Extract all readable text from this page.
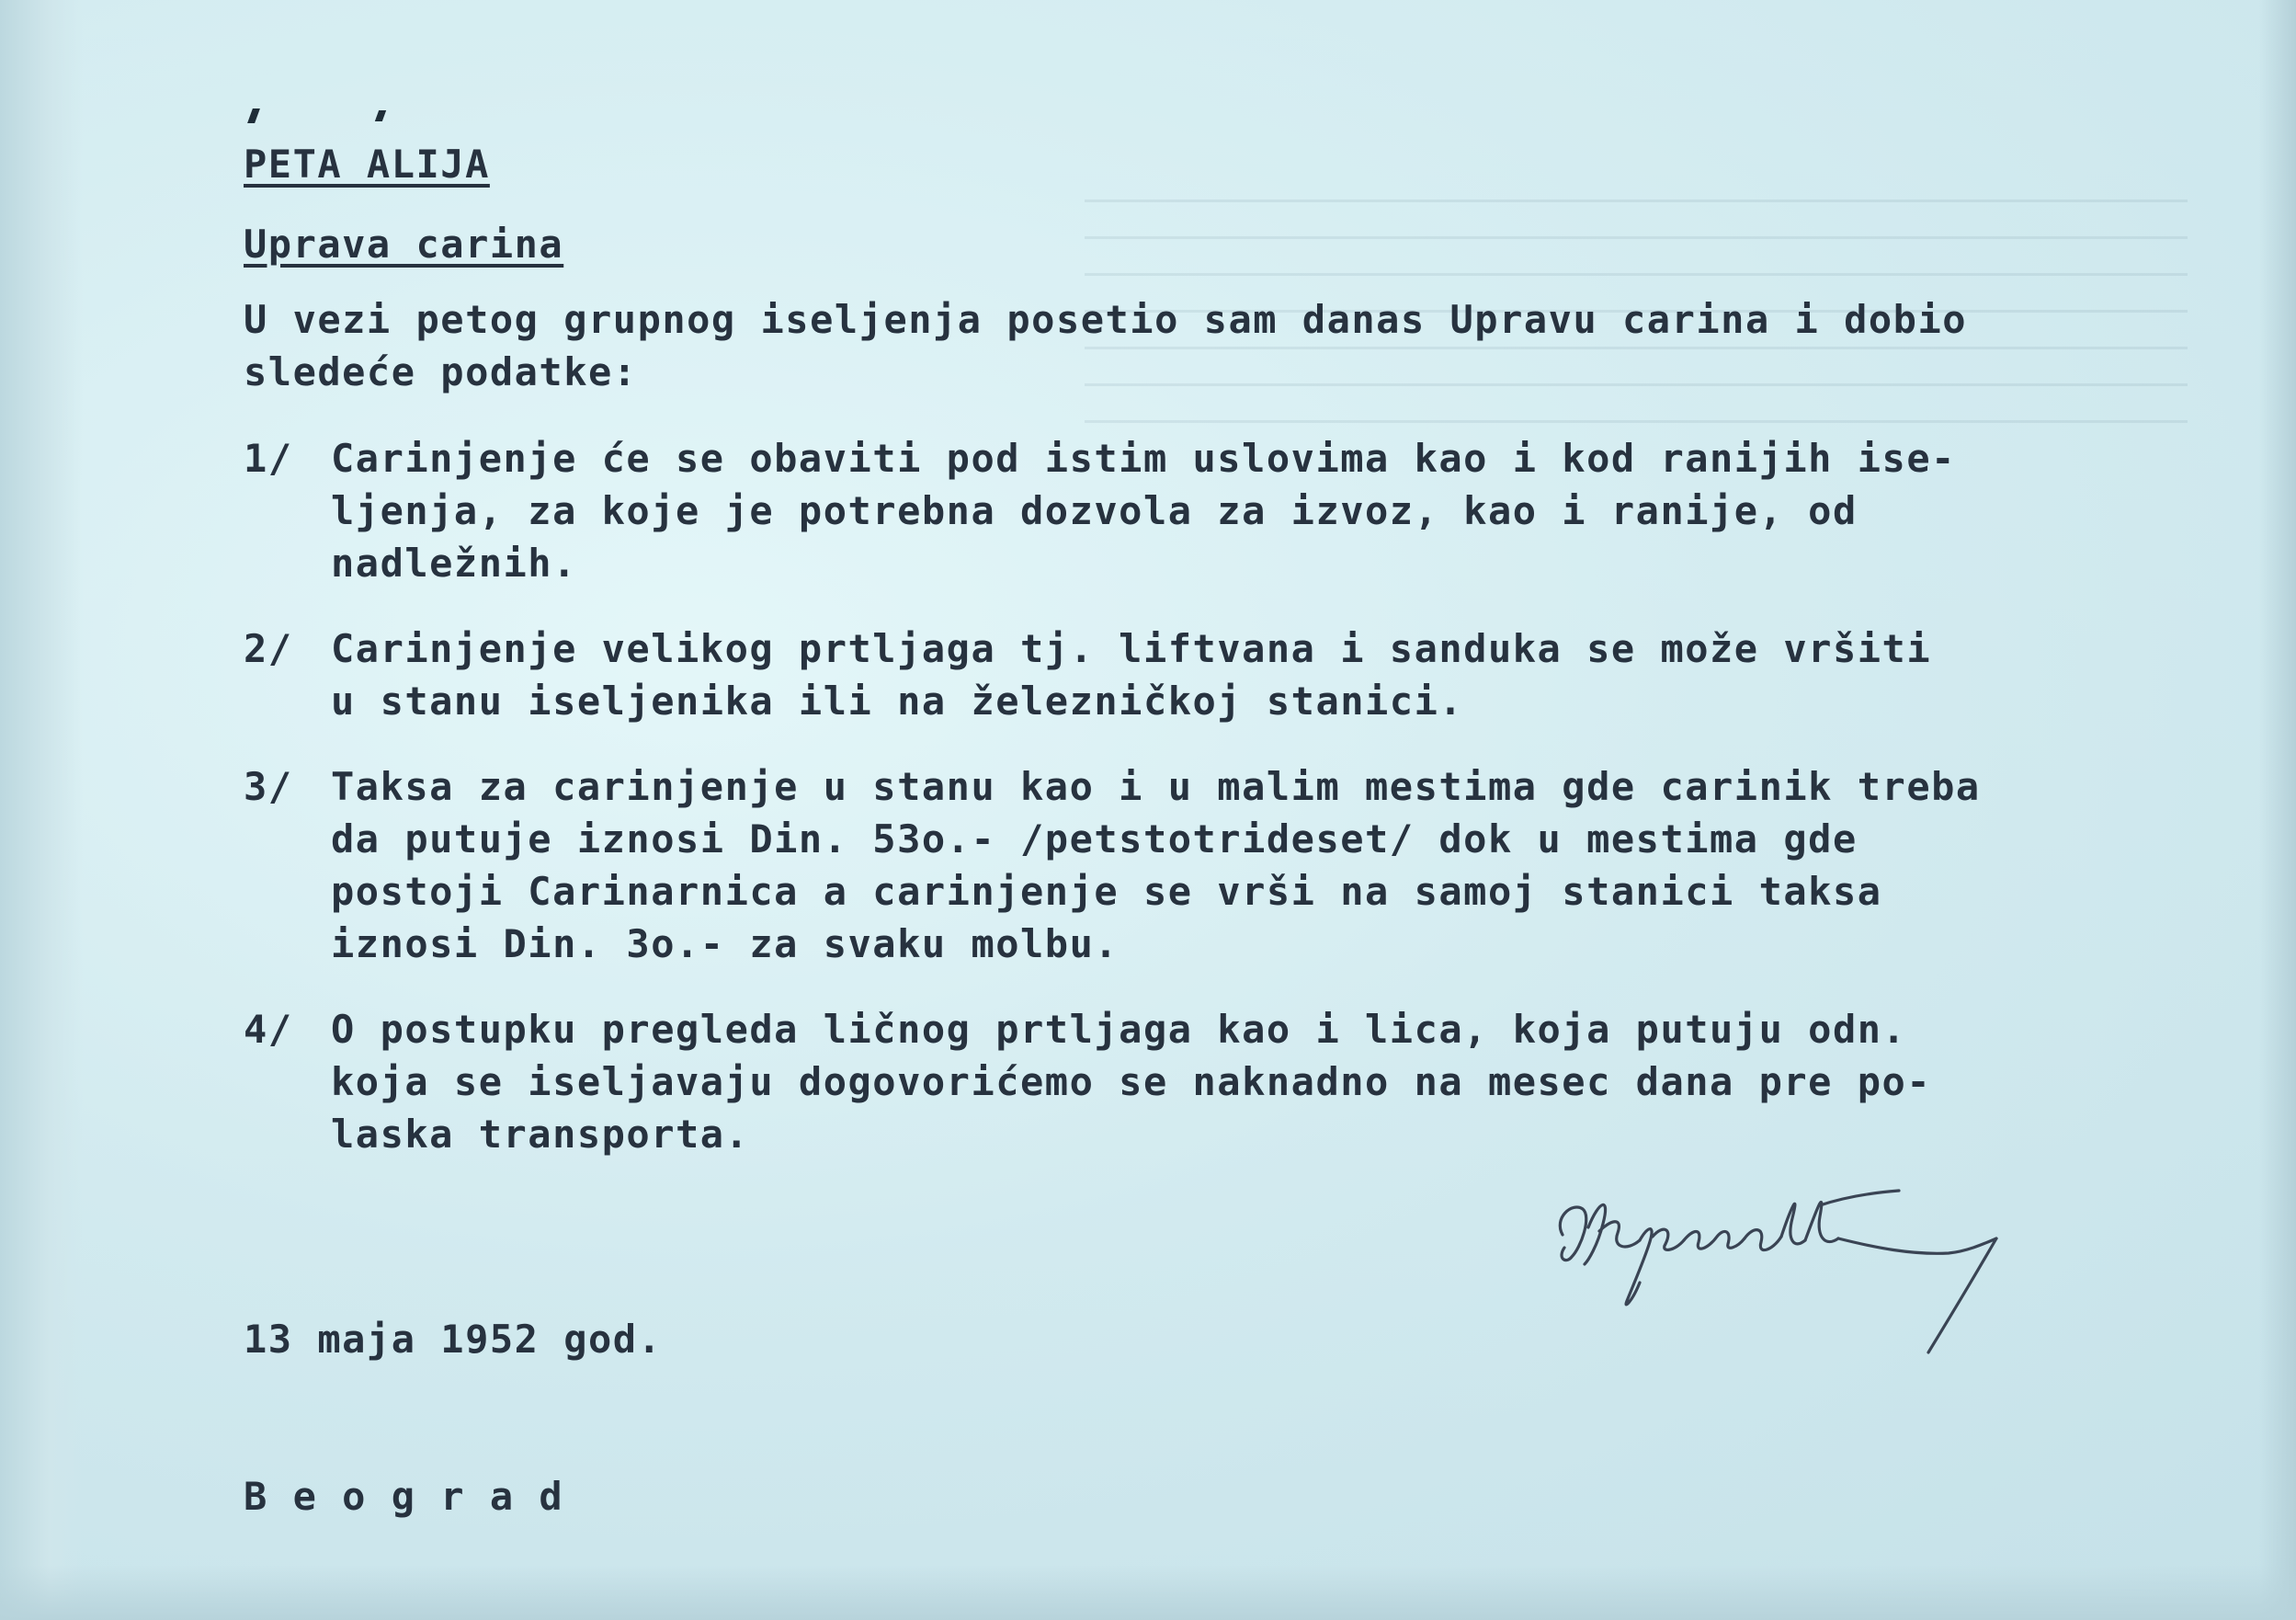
PETA ALIJA
Uprava carina
U vezi petog grupnog iseljenja posetio sam danas Upravu carina i dobio
sledeće podatke:
1/ Carinjenje će se obaviti pod istim uslovima kao i kod ranijih ise-
ljenja, za koje je potrebna dozvola za izvoz, kao i ranije, od
nadležnih.
2/ Carinjenje velikog prtljaga tj. liftvana i sanduka se može vršiti
u stanu iseljenika ili na železničkoj stanici.
3/ Taksa za carinjenje u stanu kao i u malim mestima gde carinik treba
da putuje iznosi Din. 53o.- /petstotrideset/ dok u mestima gde
postoji Carinarnica a carinjenje se vrši na samoj stanici taksa
iznosi Din. 3o.- za svaku molbu.
4/ O postupku pregleda ličnog prtljaga kao i lica, koja putuju odn.
koja se iseljavaju dogovorićemo se naknadno na mesec dana pre po-
laska transporta.

13 maja 1952 god.

B e o g r a d
